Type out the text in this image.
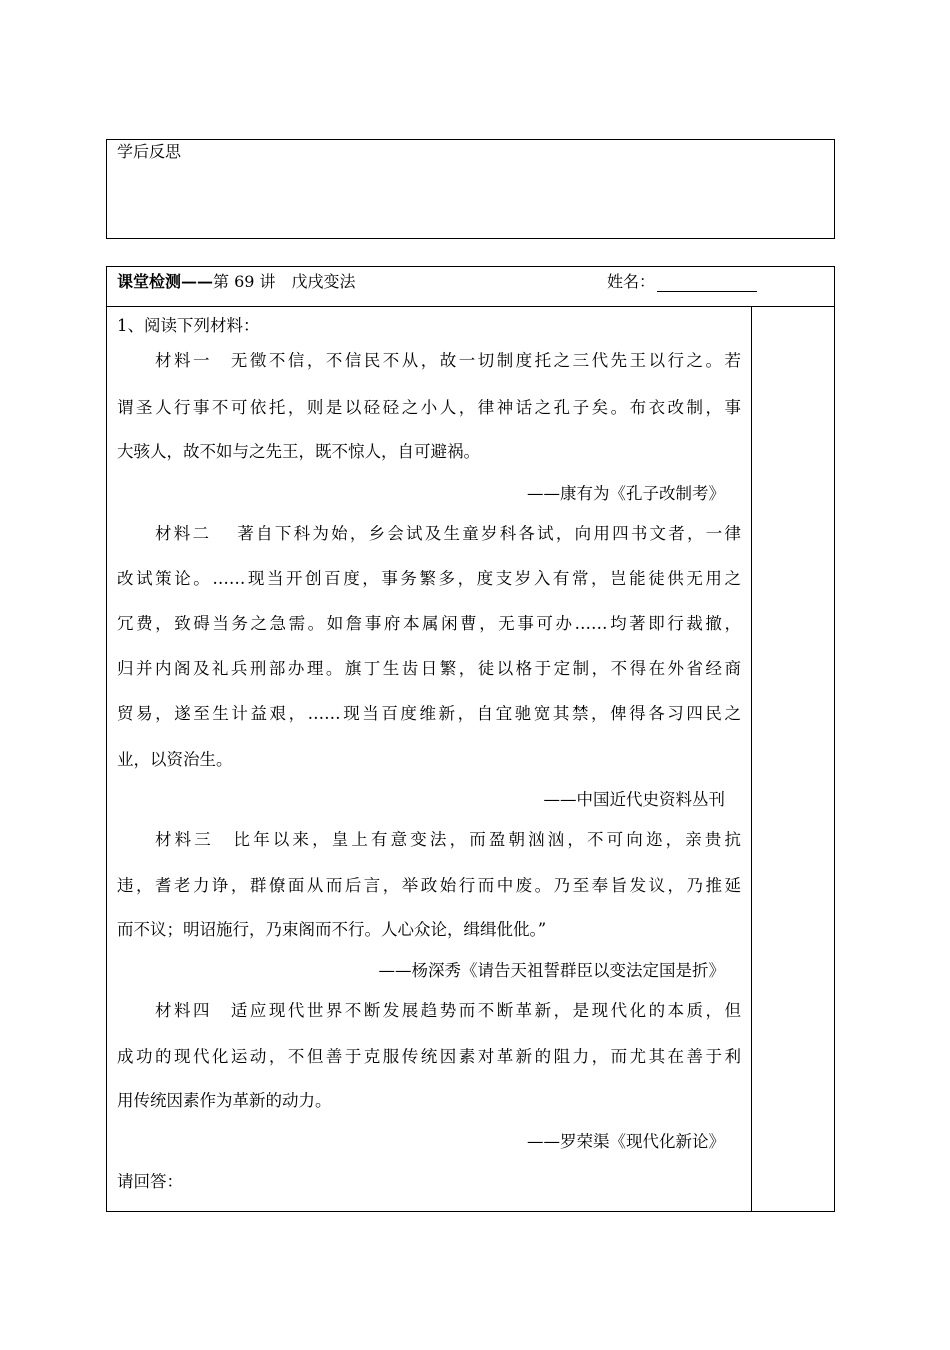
学后反思
课堂检测——第 69 讲　戊戌变法	姓名：
1、阅读下列材料：
材料一　无徵不信，不信民不从，故一切制度托之三代先王以行之。若
谓圣人行事不可依托，则是以硁硁之小人，律神话之孔子矣。布衣改制，事
大骇人，故不如与之先王，既不惊人，自可避祸。
——康有为《孔子改制考》
材料二　 著自下科为始，乡会试及生童岁科各试，向用四书文者，一律
改试策论。……现当开创百度，事务繁多，度支岁入有常，岂能徒供无用之
冗费，致碍当务之急需。如詹事府本属闲曹，无事可办……均著即行裁撤，
归并内阁及礼兵刑部办理。旗丁生齿日繁，徒以格于定制，不得在外省经商
贸易，遂至生计益艰，……现当百度维新，自宜驰宽其禁，俾得各习四民之
业，以资治生。
——中国近代史资料丛刊
材料三　比年以来，皇上有意变法，而盈朝汹汹，不可向迩，亲贵抗
违，耆老力诤，群僚面从而后言，举政始行而中废。乃至奉旨发议，乃推延
而不议；明诏施行，乃束阁而不行。人心众论，缉缉仳仳。”
——杨深秀《请告天祖誓群臣以变法定国是折》
材料四　适应现代世界不断发展趋势而不断革新，是现代化的本质，但
成功的现代化运动，不但善于克服传统因素对革新的阻力，而尤其在善于利
用传统因素作为革新的动力。
——罗荣渠《现代化新论》
请回答：
